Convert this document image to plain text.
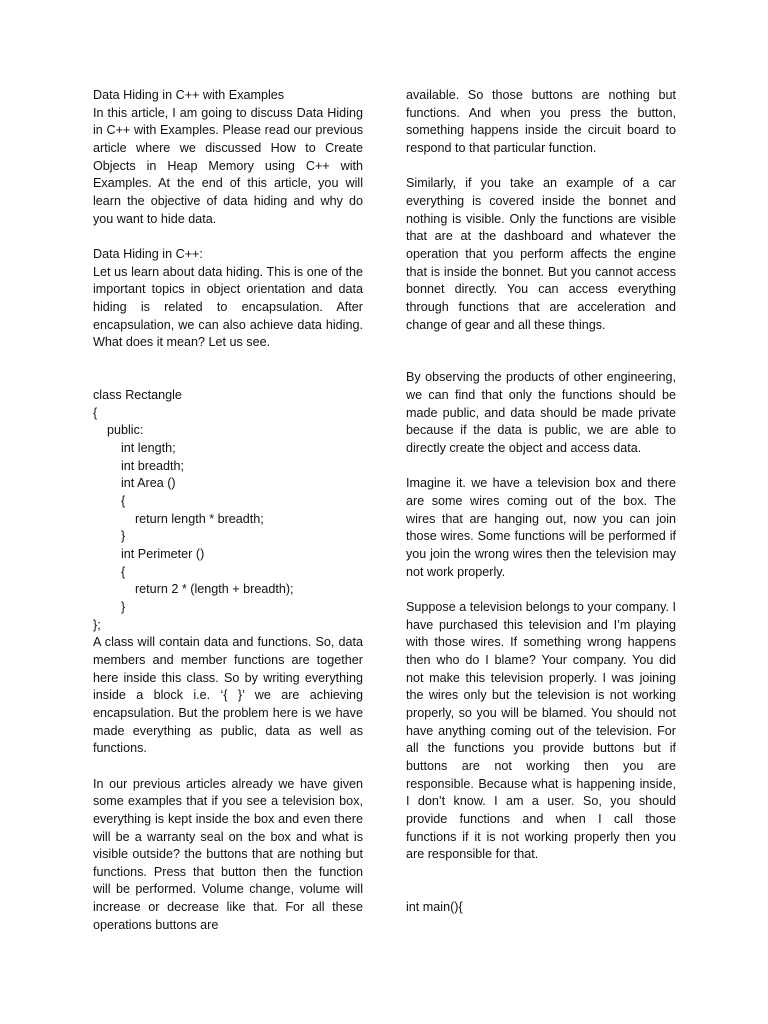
Data Hiding in C++ with Examples

In this article, I am going to discuss Data Hiding in C++ with Examples. Please read our previous article where we discussed How to Create Objects in Heap Memory using C++ with Examples. At the end of this article, you will learn the objective of data hiding and why do you want to hide data.

Data Hiding in C++:

Let us learn about data hiding. This is one of the important topics in object orientation and data hiding is related to encapsulation. After encapsulation, we can also achieve data hiding. What does it mean? Let us see.

class Rectangle
{
public:
int length;
int breadth;
int Area ()
{
return length * breadth;
}
int Perimeter ()
{
return 2 * (length + breadth);
}
};

A class will contain data and functions. So, data members and member functions are together here inside this class. So by writing everything inside a block i.e. ‘{ }’ we are achieving encapsulation. But the problem here is we have made everything as public, data as well as functions.

In our previous articles already we have given some examples that if you see a television box, everything is kept inside the box and even there will be a warranty seal on the box and what is visible outside? the buttons that are nothing but functions. Press that button then the function will be performed. Volume change, volume will increase or decrease like that. For all these operations buttons are

available. So those buttons are nothing but functions. And when you press the button, something happens inside the circuit board to respond to that particular function.

Similarly, if you take an example of a car everything is covered inside the bonnet and nothing is visible. Only the functions are visible that are at the dashboard and whatever the operation that you perform affects the engine that is inside the bonnet. But you cannot access bonnet directly. You can access everything through functions that are acceleration and change of gear and all these things.

By observing the products of other engineering, we can find that only the functions should be made public, and data should be made private because if the data is public, we are able to directly create the object and access data.

Imagine it. we have a television box and there are some wires coming out of the box. The wires that are hanging out, now you can join those wires. Some functions will be performed if you join the wrong wires then the television may not work properly.

Suppose a television belongs to your company. I have purchased this television and I’m playing with those wires. If something wrong happens then who do I blame? Your company. You did not make this television properly. I was joining the wires only but the television is not working properly, so you will be blamed. You should not have anything coming out of the television. For all the functions you provide buttons but if buttons are not working then you are responsible. Because what is happening inside, I don’t know. I am a user. So, you should provide functions and when I call those functions if it is not working properly then you are responsible for that.

int main(){
